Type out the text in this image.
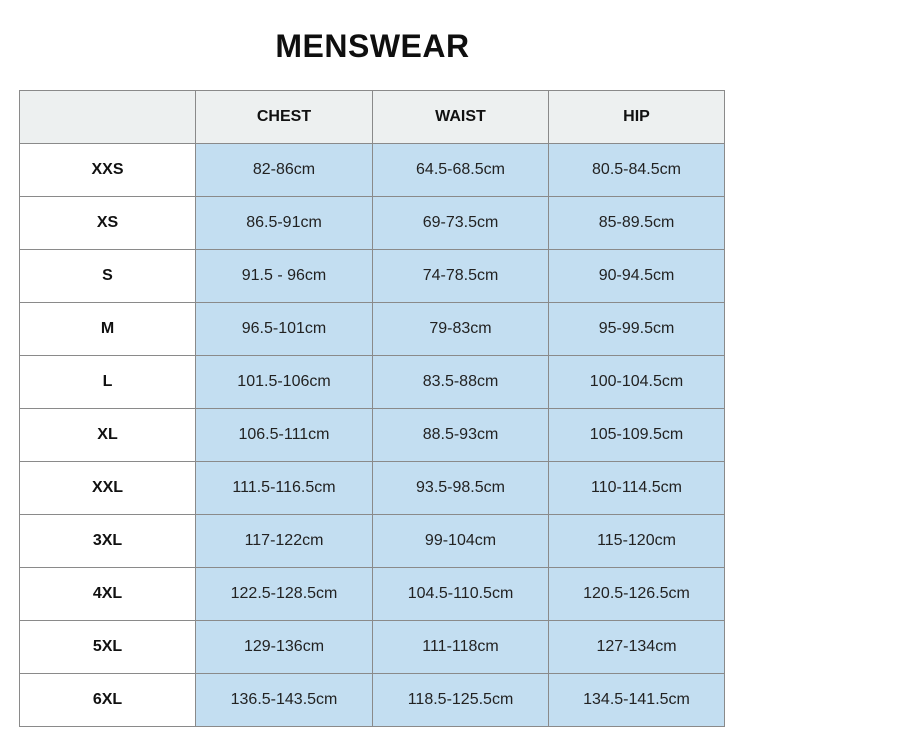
MENSWEAR
	CHEST	WAIST	HIP
XXS	82-86cm	64.5-68.5cm	80.5-84.5cm
XS	86.5-91cm	69-73.5cm	85-89.5cm
S	91.5 - 96cm	74-78.5cm	90-94.5cm
M	96.5-101cm	79-83cm	95-99.5cm
L	101.5-106cm	83.5-88cm	100-104.5cm
XL	106.5-111cm	88.5-93cm	105-109.5cm
XXL	111.5-116.5cm	93.5-98.5cm	110-114.5cm
3XL	117-122cm	99-104cm	115-120cm
4XL	122.5-128.5cm	104.5-110.5cm	120.5-126.5cm
5XL	129-136cm	111-118cm	127-134cm
6XL	136.5-143.5cm	118.5-125.5cm	134.5-141.5cm
